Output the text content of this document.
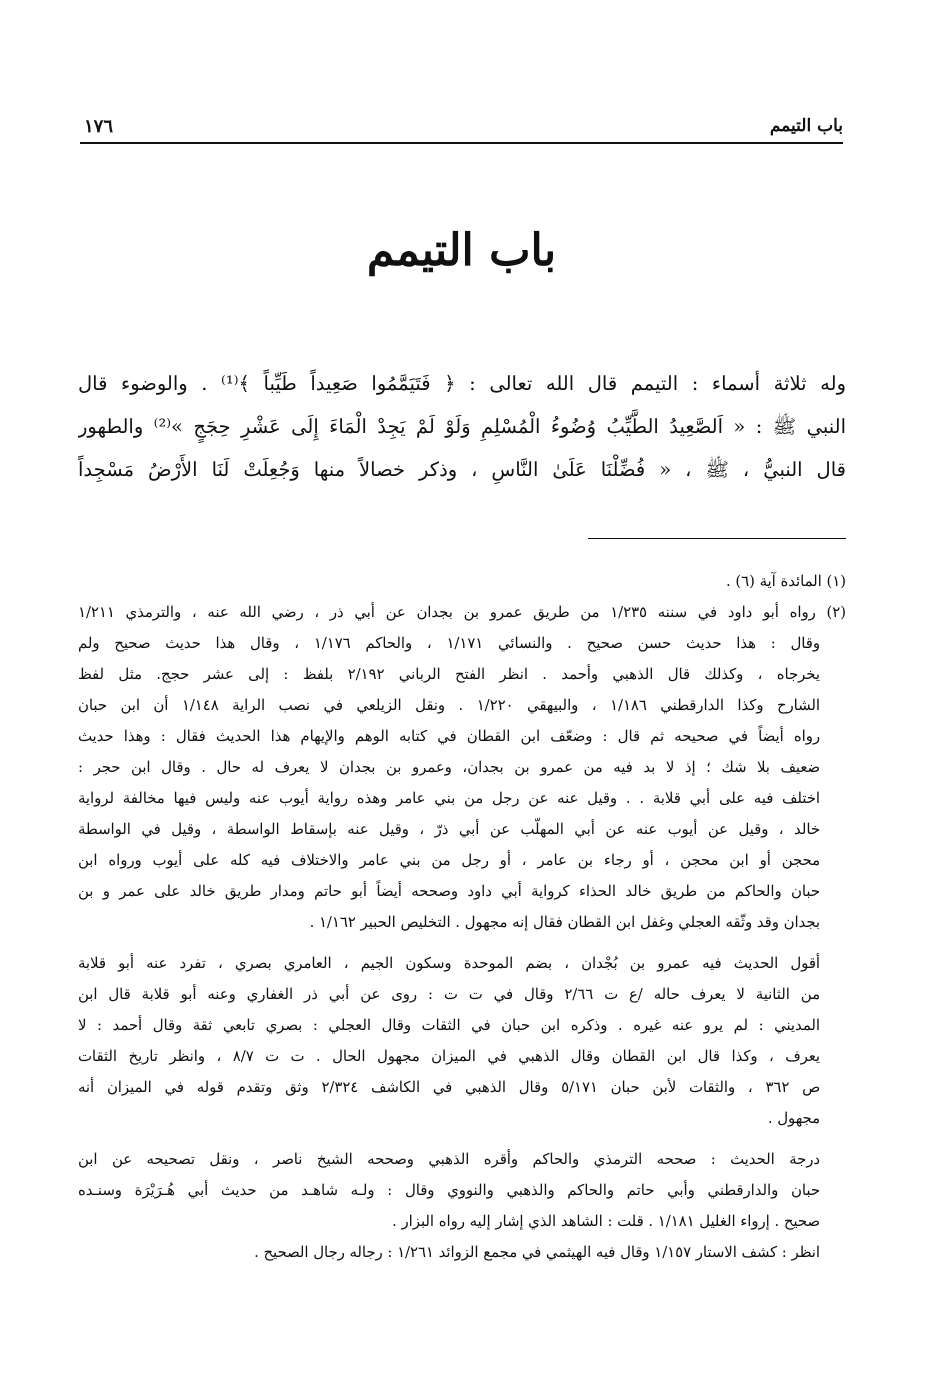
باب التيمم
١٧٦
باب التيمم
وله ثلاثة أسماء : التيمم قال الله تعالى : ﴿ فَتَيَمَّمُوا صَعِيداً طَيِّباً ﴾⁽¹⁾ . والوضوء قال
النبي ﷺ : « اَلصَّعِيدُ الطَّيِّبُ وُضُوءُ الْمُسْلِمِ وَلَوْ لَمْ يَجِدْ الْمَاءَ إِلَى عَشْرِ حِجَجٍ »⁽²⁾ والطهور
قال النبيُّ ، ﷺ ، « فُضِّلْنَا عَلَىٰ النَّاسِ ، وذكر خصالاً منها وَجُعِلَتْ لَنَا الأَرْضُ مَسْجِداً
(١) المائدة آية (٦) .
(٢) رواه أبو داود في سننه ١/٢٣٥ من طريق عمرو بن بجدان عن أبي ذر ، رضي الله عنه ، والترمذي ١/٢١١
وقال : هذا حديث حسن صحيح . والنسائي ١/١٧١ ، والحاكم ١/١٧٦ ، وقال هذا حديث صحيح ولم
يخرجاه ، وكذلك قال الذهبي وأحمد . انظر الفتح الرباني ٢/١٩٢ بلفظ : إلى عشر حجج. مثل لفظ
الشارح وكذا الدارقطني ١/١٨٦ ، والبيهقي ١/٢٢٠ . ونقل الزيلعي في نصب الراية ١/١٤٨ أن ابن حبان
رواه أيضاً في صحيحه ثم قال : وضعّف ابن القطان في كتابه الوهم والإيهام هذا الحديث فقال : وهذا حديث
ضعيف بلا شك ؛ إذ لا بد فيه من عمرو بن بجدان، وعمرو بن بجدان لا يعرف له حال . وقال ابن حجر :
اختلف فيه على أبي قلابة . . وقيل عنه عن رجل من بني عامر وهذه رواية أيوب عنه وليس فيها مخالفة لرواية
خالد ، وقيل عن أيوب عنه عن أبي المهلّب عن أبي ذرّ ، وقيل عنه بإسقاط الواسطة ، وقيل في الواسطة
محجن أو ابن محجن ، أو رجاء بن عامر ، أو رجل من بني عامر والاختلاف فيه كله على أيوب ورواه ابن
حبان والحاكم من طريق خالد الحذاء كرواية أبي داود وصححه أيضاً أبو حاتم ومدار طريق خالد على عمر و بن
بجدان وقد وثّقه العجلي وغفل ابن القطان فقال إنه مجهول . التخليص الحبير ١/١٦٢ .
أقول الحديث فيه عمرو بن بُجْدان ، بضم الموحدة وسكون الجيم ، العامري بصري ، تفرد عنه أبو قلابة
من الثانية لا يعرف حاله /ع ت ٢/٦٦ وقال في ت ت : روى عن أبي ذر الغفاري وعنه أبو قلابة قال ابن
المديني : لم يرو عنه غيره . وذكره ابن حبان في الثقات وقال العجلي : بصري تابعي ثقة وقال أحمد : لا
يعرف ، وكذا قال ابن القطان وقال الذهبي في الميزان مجهول الحال . ت ت ٨/٧ ، وانظر تاريخ الثقات
ص ٣٦٢ ، والثقات لأبن حبان ٥/١٧١ وقال الذهبي في الكاشف ٢/٣٢٤ وثق وتقدم قوله في الميزان أنه
مجهول .
درجة الحديث : صححه الترمذي والحاكم وأقره الذهبي وصححه الشيخ ناصر ، ونقل تصحيحه عن ابن
حبان والدارقطني وأبي حاتم والحاكم والذهبي والنووي وقال : ولـه شاهـد من حديث أبي هُـرَيْرَة وسنـده
صحيح . إرواء الغليل ١/١٨١ . قلت : الشاهد الذي إشار إليه رواه البزار .
انظر : كشف الاستار ١/١٥٧ وقال فيه الهيثمي في مجمع الزوائد ١/٢٦١ : رجاله رجال الصحيح .
